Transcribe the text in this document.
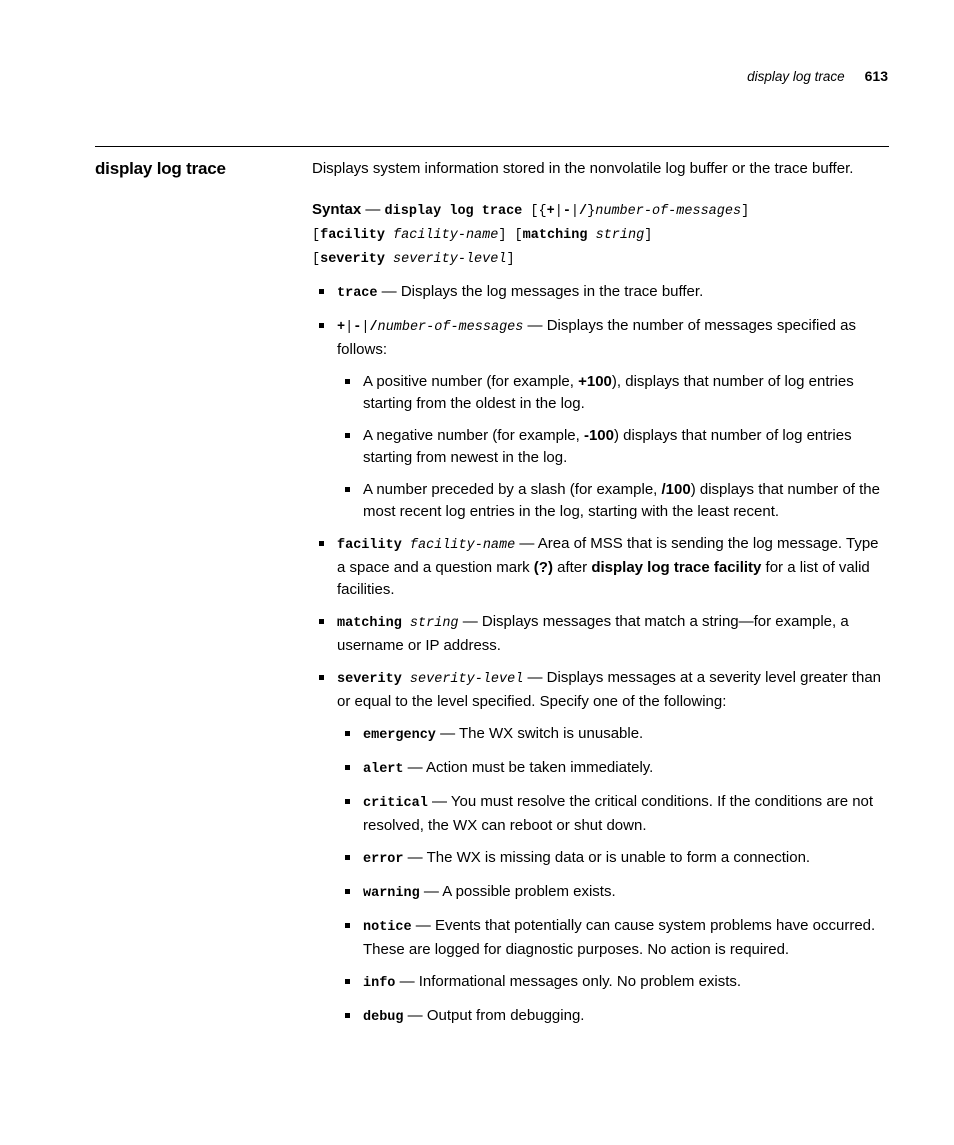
display log trace 613
display log trace	Displays system information stored in the nonvolatile log buffer or the trace buffer.

Syntax — display log trace [{+|-|/}number-of-messages]
[facility facility-name] [matching string]
[severity severity-level]
trace — Displays the log messages in the trace buffer.
+|-|/number-of-messages — Displays the number of messages specified as follows:
A positive number (for example, +100), displays that number of log entries starting from the oldest in the log.
A negative number (for example, -100) displays that number of log entries starting from newest in the log.
A number preceded by a slash (for example, /100) displays that number of the most recent log entries in the log, starting with the least recent.
facility facility-name — Area of MSS that is sending the log message. Type a space and a question mark (?) after display log trace facility for a list of valid facilities.
matching string — Displays messages that match a string—for example, a username or IP address.
severity severity-level — Displays messages at a severity level greater than or equal to the level specified. Specify one of the following:
emergency — The WX switch is unusable.
alert — Action must be taken immediately.
critical — You must resolve the critical conditions. If the conditions are not resolved, the WX can reboot or shut down.
error — The WX is missing data or is unable to form a connection.
warning — A possible problem exists.
notice — Events that potentially can cause system problems have occurred. These are logged for diagnostic purposes. No action is required.
info — Informational messages only. No problem exists.
debug — Output from debugging.
